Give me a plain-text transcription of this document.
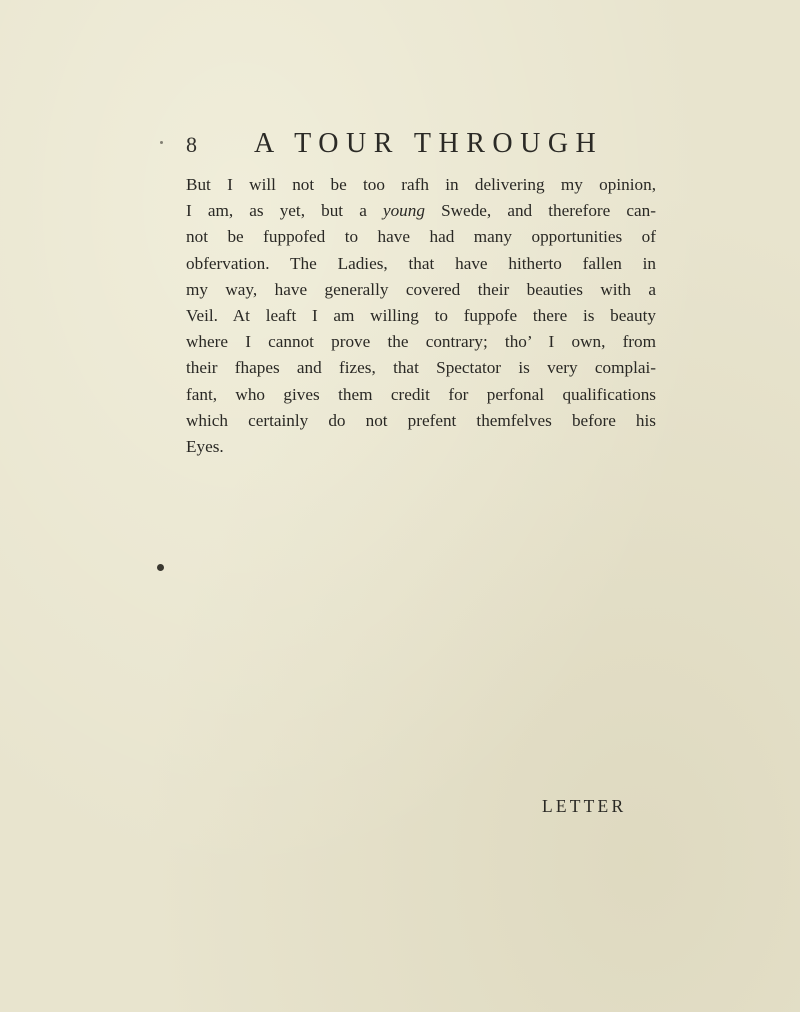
8 A TOUR THROUGH
But I will not be too rafh in delivering my opinion,
I am, as yet, but a young Swede, and therefore can-
not be fuppofed to have had many opportunities of
obfervation. The Ladies, that have hitherto fallen in
my way, have generally covered their beauties with a
Veil. At leaft I am willing to fuppofe there is beauty
where I cannot prove the contrary; tho’ I own, from
their fhapes and fizes, that Spectator is very complai-
fant, who gives them credit for perfonal qualifications
which certainly do not prefent themfelves before his
Eyes.
LETTER
